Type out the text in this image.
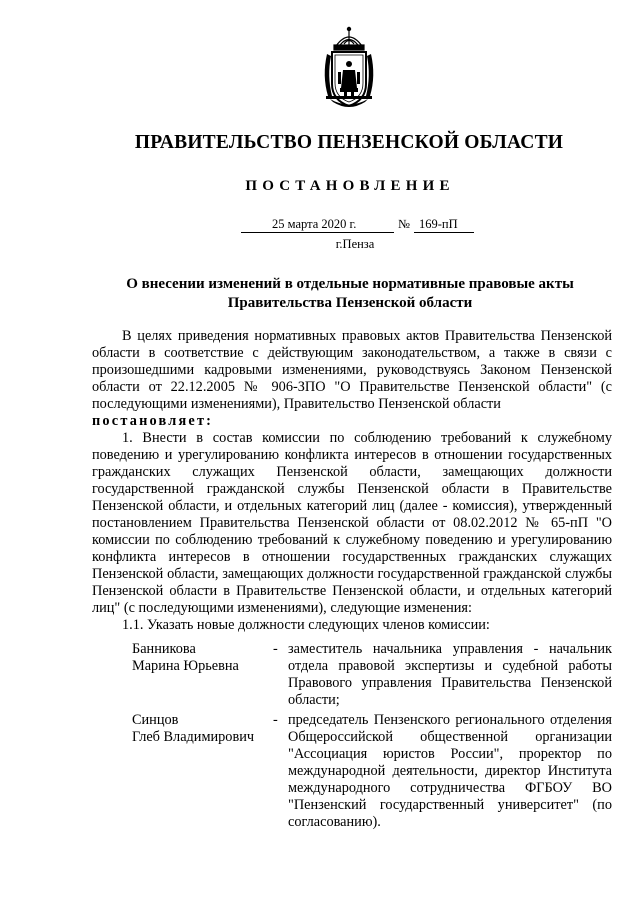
ПРАВИТЕЛЬСТВО ПЕНЗЕНСКОЙ ОБЛАСТИ
ПОСТАНОВЛЕНИЕ
25 марта 2020 г.	№ 169-пП
г.Пенза
О внесении изменений в отдельные нормативные правовые акты
Правительства Пензенской области

В целях приведения нормативных правовых актов Правительства Пензенской области в соответствие с действующим законодательством, а также в связи с произошедшими кадровыми изменениями, руководствуясь Законом Пензенской области от 22.12.2005 № 906-ЗПО "О Правительстве Пензенской области" (с последующими изменениями), Правительство Пензенской области

постановляет:

1. Внести в состав комиссии по соблюдению требований к служебному поведению и урегулированию конфликта интересов в отношении государственных гражданских служащих Пензенской области, замещающих должности государственной гражданской службы Пензенской области в Правительстве Пензенской области, и отдельных категорий лиц (далее - комиссия), утвержденный постановлением Правительства Пензенской области от 08.02.2012 № 65-пП "О комиссии по соблюдению требований к служебному поведению и урегулированию конфликта интересов в отношении государственных гражданских служащих Пензенской области, замещающих должности государственной гражданской службы Пензенской области в Правительстве Пензенской области, и отдельных категорий лиц" (с последующими изменениями), следующие изменения:

1.1. Указать новые должности следующих членов комиссии:

Банникова
Марина Юрьевна
- заместитель начальника управления - начальник отдела правовой экспертизы и судебной работы Правового управления Правительства Пензенской области;
Синцов
Глеб Владимирович
- председатель Пензенского регионального отделения Общероссийской общественной организации "Ассоциация юристов России", проректор по международной деятельности, директор Института международного сотрудничества ФГБОУ ВО "Пензенский государственный университет" (по согласованию).
